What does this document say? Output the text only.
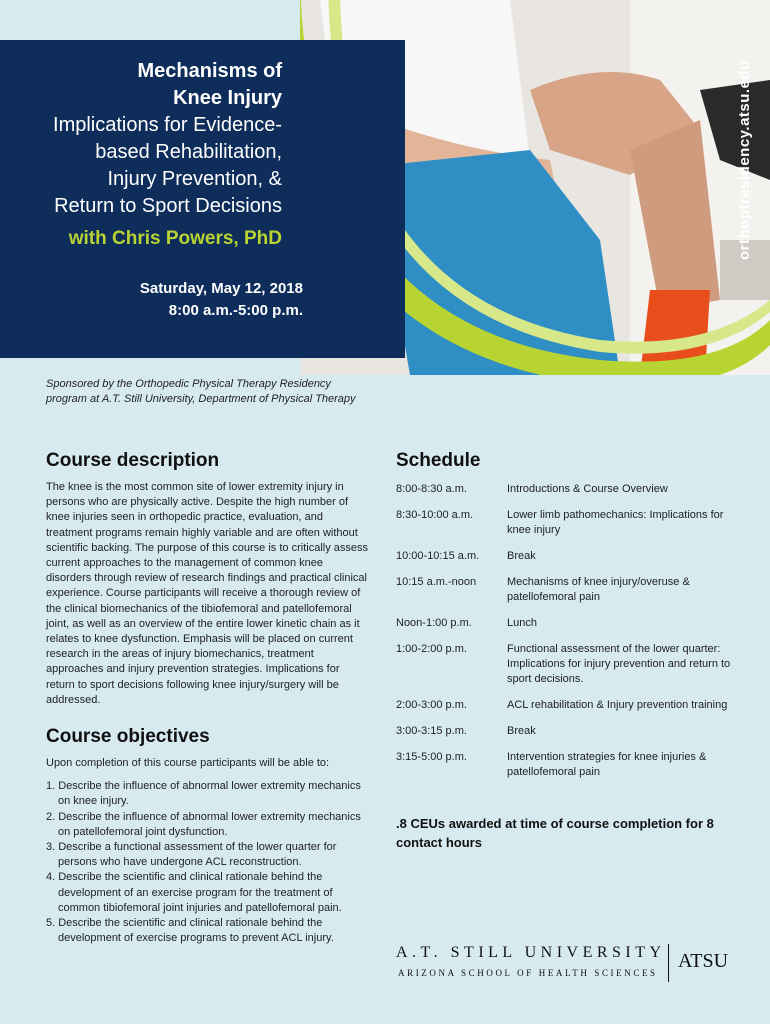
Mechanisms of
Knee Injury
Implications for Evidence-
based Rehabilitation,
Injury Prevention, &
Return to Sport Decisions
with Chris Powers, PhD
Saturday, May 12, 2018
8:00 a.m.-5:00 p.m.
orthoptresidency.atsu.edu
Sponsored by the Orthopedic Physical Therapy Residency
program at A.T. Still University, Department of Physical Therapy
Course description

The knee is the most common site of lower extremity injury in persons who are physically active. Despite the high number of knee injuries seen in orthopedic practice, evaluation, and treatment programs remain highly variable and are often without scientific backing. The purpose of this course is to critically assess current approaches to the management of common knee disorders through review of research findings and practical clinical experience. Course participants will receive a thorough review of the clinical biomechanics of the tibiofemoral and patellofemoral joint, as well as an overview of the entire lower kinetic chain as it relates to knee dysfunction. Emphasis will be placed on current research in the areas of injury biomechanics, treatment approaches and injury prevention strategies. Implications for return to sport decisions following knee injury/surgery will be addressed.

Course objectives

Upon completion of this course participants will be able to:

1. Describe the influence of abnormal lower extremity mechanics on knee injury.
2. Describe the influence of abnormal lower extremity mechanics on patellofemoral joint dysfunction.
3. Describe a functional assessment of the lower quarter for persons who have undergone ACL reconstruction.
4. Describe the scientific and clinical rationale behind the development of an exercise program for the treatment of common tibiofemoral joint injuries and patellofemoral pain.
5. Describe the scientific and clinical rationale behind the development of exercise programs to prevent ACL injury.
Schedule
8:00-8:30 a.m.	Introductions & Course Overview
8:30-10:00 a.m.	Lower limb pathomechanics: Implications for knee injury
10:00-10:15 a.m.	Break
10:15 a.m.-noon	Mechanisms of knee injury/overuse & patellofemoral pain
Noon-1:00 p.m.	Lunch
1:00-2:00 p.m.	Functional assessment of the lower quarter: Implications for injury prevention and return to sport decisions.
2:00-3:00 p.m.	ACL rehabilitation & Injury prevention training
3:00-3:15 p.m.	Break
3:15-5:00 p.m.	Intervention strategies for knee injuries & patellofemoral pain

.8 CEUs awarded at time of course completion for 8 contact hours

A.T. STILL UNIVERSITY
ARIZONA SCHOOL OF HEALTH SCIENCES
ATSU
